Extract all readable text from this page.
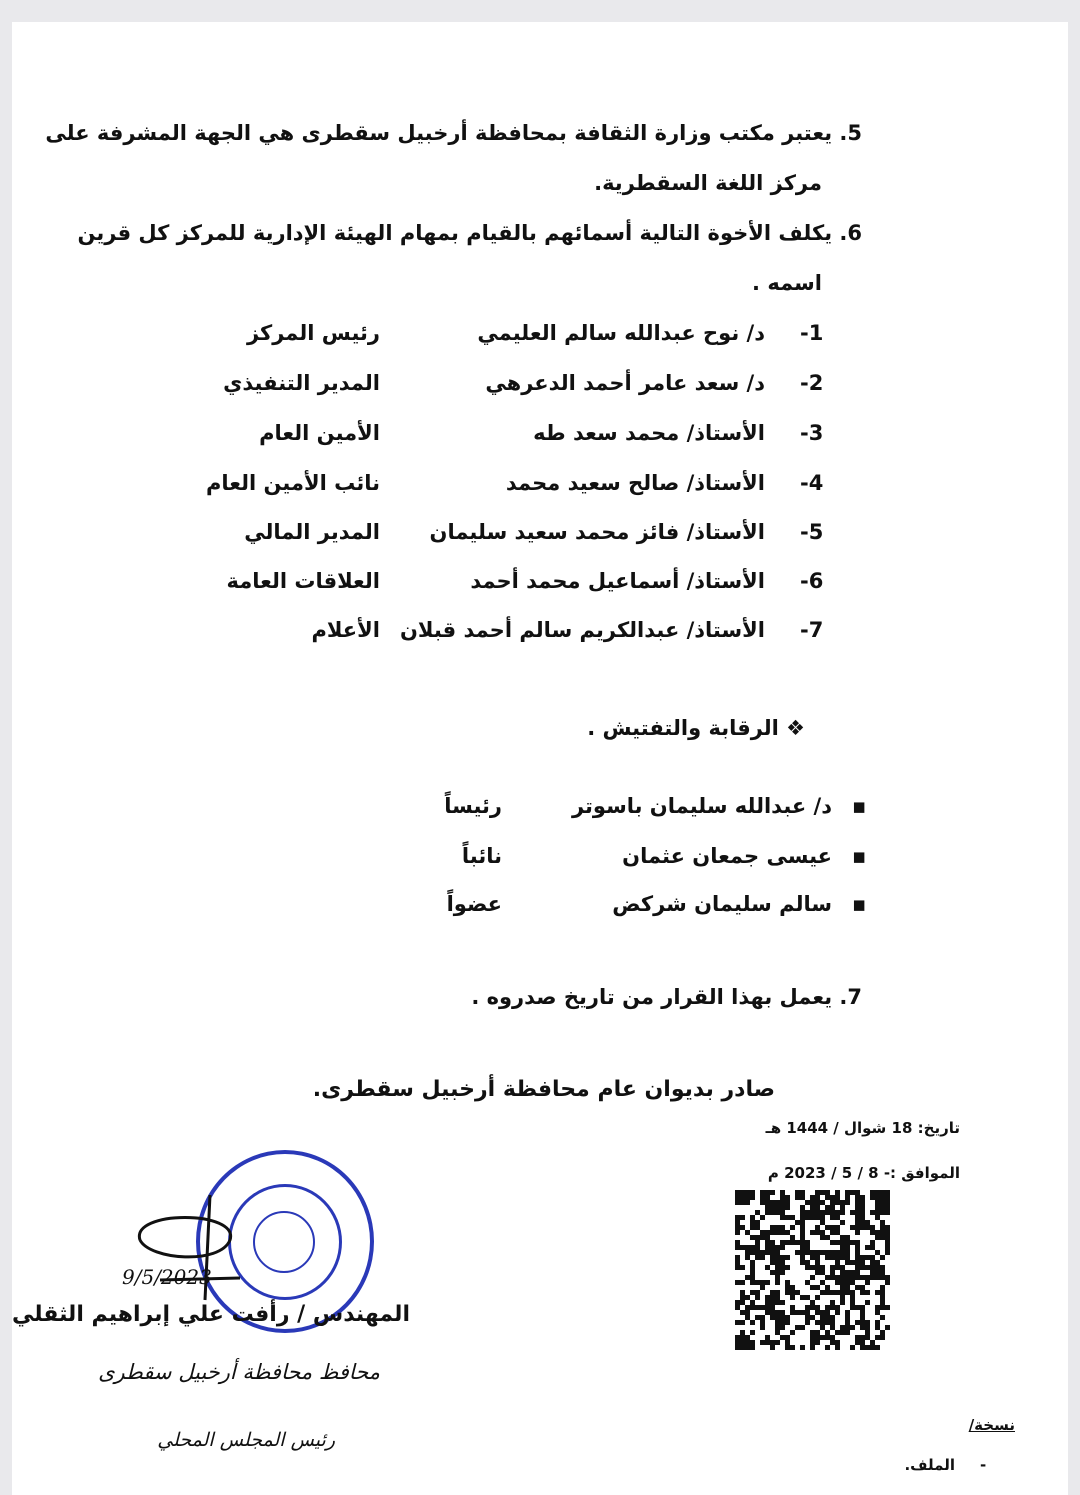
5. يعتبر مكتب وزارة الثقافة بمحافظة أرخبيل سقطرى هي الجهة المشرفة على
مركز اللغة السقطرية.
6. يكلف الأخوة التالية أسمائهم بالقيام بمهام الهيئة الإدارية للمركز كل قرين
اسمه .
1-
د/ نوح عبدالله سالم العليمي
رئيس المركز
2-
د/ سعد عامر أحمد الدعرهي
المدير التنفيذي
3-
الأستاذ/ محمد سعد طه
الأمين العام
4-
الأستاذ/ صالح سعيد محمد
نائب الأمين العام
5-
الأستاذ/ فائز محمد سعيد سليمان
المدير المالي
6-
الأستاذ/ أسماعيل محمد أحمد
العلاقات العامة
7-
الأستاذ/ عبدالكريم سالم أحمد قبلان
الأعلام
❖ الرقابة والتفتيش .
▪
د/ عبدالله سليمان باسوتر
رئيساً
▪
عيسى جمعان عثمان
نائباً
▪
سالم سليمان شركض
عضواً
7. يعمل بهذا القرار من تاريخ صدروه .
صادر بديوان عام محافظة أرخبيل سقطرى.
تاريخ: 18 شوال / 1444 هـ
الموافق :- 8 / 5 / 2023 م
9/5/2023
المهندس / رأفت علي إبراهيم الثقلي
محافظ محافظة أرخبيل سقطرى
رئيس المجلس المحلي
نسخة/
-
الملف.
